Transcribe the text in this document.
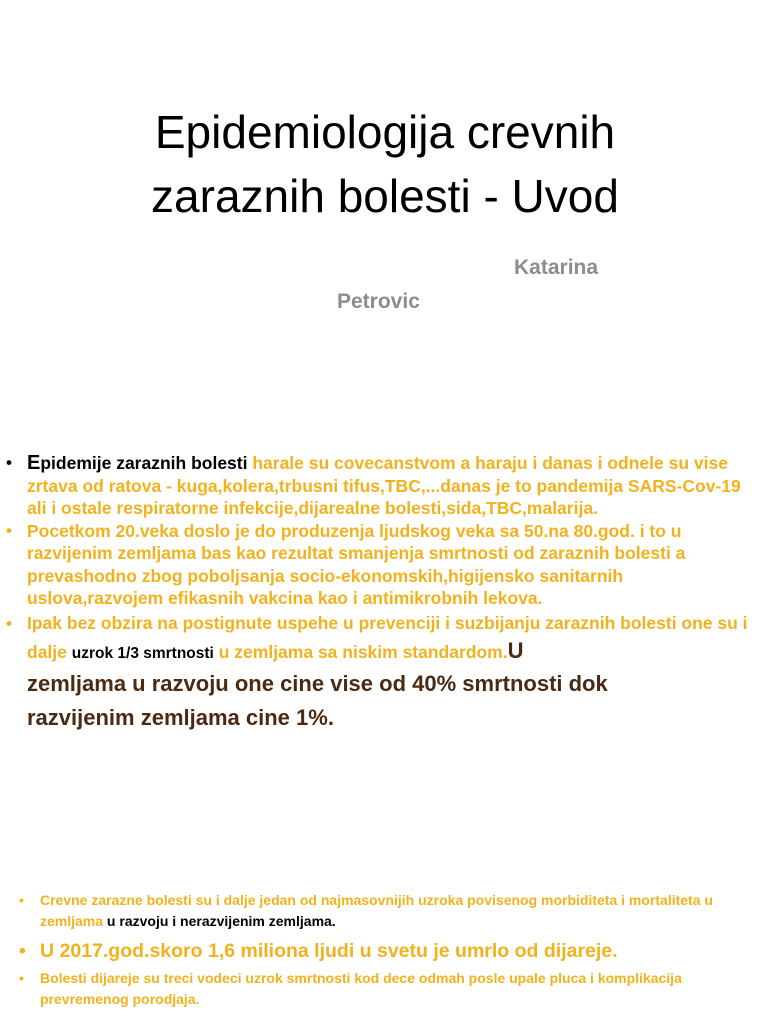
Epidemiologija crevnih
zaraznih bolesti - Uvod
Katarina
Petrovic
• Epidemije zaraznih bolesti harale su covecanstvom a haraju i danas i odnele su vise zrtava od ratova - kuga,kolera,trbusni tifus,TBC,...danas je to pandemija SARS-Cov-19 ali i ostale respiratorne infekcije,dijarealne bolesti,sida,TBC,malarija.
• Pocetkom 20.veka doslo je do produzenja ljudskog veka sa 50.na 80.god. i to u razvijenim zemljama bas kao rezultat smanjenja smrtnosti od zaraznih bolesti a prevashodno zbog poboljsanja socio-ekonomskih,higijensko sanitarnih uslova,razvojem efikasnih vakcina kao i antimikrobnih lekova.
• Ipak bez obzira na postignute uspehe u prevenciji i suzbijanju zaraznih bolesti one su i dalje uzrok 1/3 smrtnosti u zemljama sa niskim standardom.U
zemljama u razvoju one cine vise od 40% smrtnosti dok
razvijenim zemljama cine 1%.
• Crevne zarazne bolesti su i dalje jedan od najmasovnijih uzroka povisenog morbiditeta i mortaliteta u zemljama u razvoju i nerazvijenim zemljama.
• U 2017.god.skoro 1,6 miliona ljudi u svetu je umrlo od dijareje.
• Bolesti dijareje su treci vodeci uzrok smrtnosti kod dece odmah posle upale pluca i komplikacija prevremenog porodjaja.
